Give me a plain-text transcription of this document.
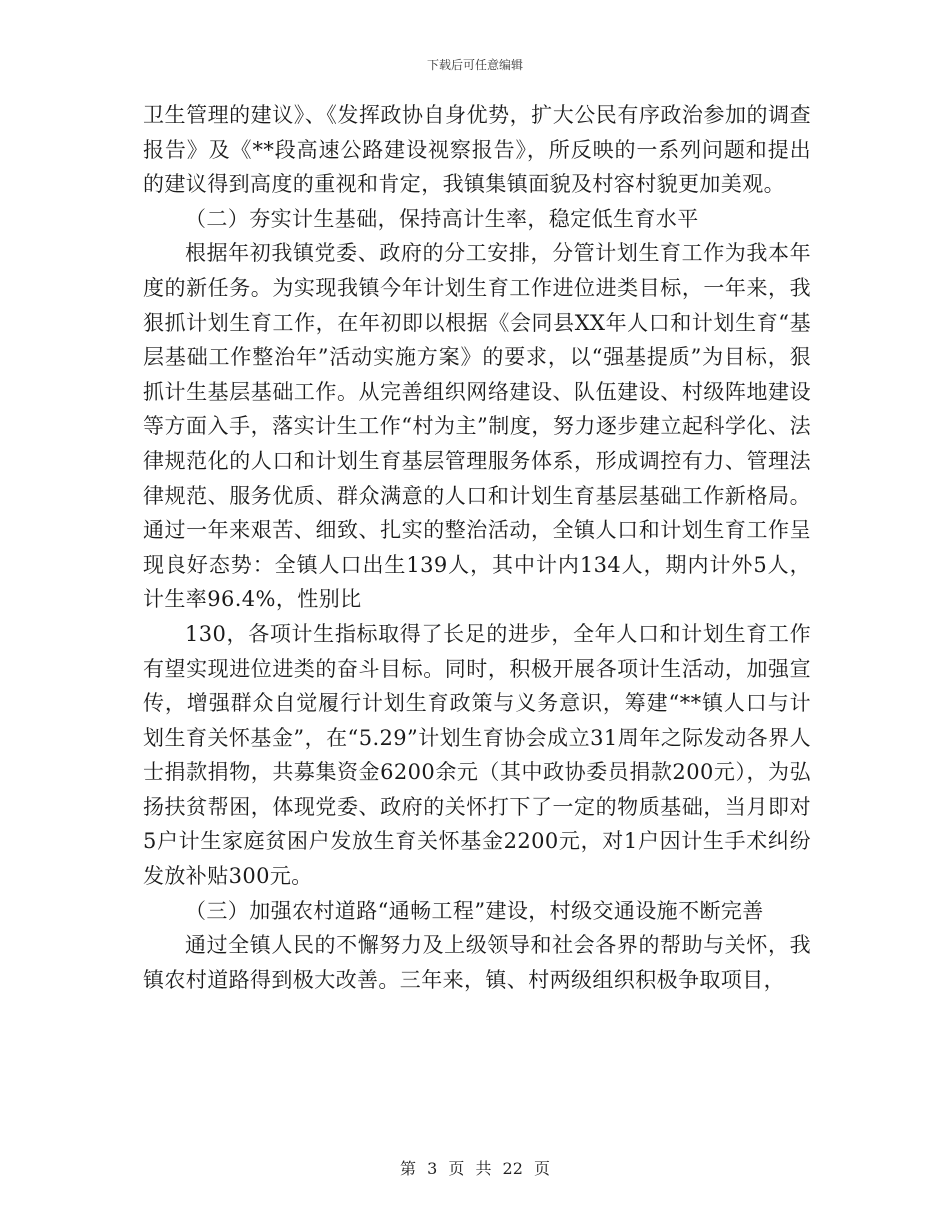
下载后可任意编辑

卫生管理的建议》、《发挥政协自身优势，扩大公民有序政治参加的调查报告》及《**段高速公路建设视察报告》，所反映的一系列问题和提出的建议得到高度的重视和肯定，我镇集镇面貌及村容村貌更加美观。

（二）夯实计生基础，保持高计生率，稳定低生育水平

根据年初我镇党委、政府的分工安排，分管计划生育工作为我本年度的新任务。为实现我镇今年计划生育工作进位进类目标，一年来，我狠抓计划生育工作，在年初即以根据《会同县XX年人口和计划生育“基层基础工作整治年”活动实施方案》的要求，以“强基提质”为目标，狠抓计生基层基础工作。从完善组织网络建设、队伍建设、村级阵地建设等方面入手，落实计生工作“村为主”制度，努力逐步建立起科学化、法律规范化的人口和计划生育基层管理服务体系，形成调控有力、管理法律规范、服务优质、群众满意的人口和计划生育基层基础工作新格局。通过一年来艰苦、细致、扎实的整治活动，全镇人口和计划生育工作呈现良好态势：全镇人口出生139人，其中计内134人，期内计外5人，计生率96.4%，性别比

130，各项计生指标取得了长足的进步，全年人口和计划生育工作有望实现进位进类的奋斗目标。同时，积极开展各项计生活动，加强宣传，增强群众自觉履行计划生育政策与义务意识，筹建“**镇人口与计划生育关怀基金”，在“5.29”计划生育协会成立31周年之际发动各界人士捐款捐物，共募集资金6200余元（其中政协委员捐款200元），为弘扬扶贫帮困，体现党委、政府的关怀打下了一定的物质基础，当月即对5户计生家庭贫困户发放生育关怀基金2200元，对1户因计生手术纠纷发放补贴300元。

（三）加强农村道路“通畅工程”建设，村级交通设施不断完善

通过全镇人民的不懈努力及上级领导和社会各界的帮助与关怀，我镇农村道路得到极大改善。三年来，镇、村两级组织积极争取项目，

第 3 页 共 22 页
